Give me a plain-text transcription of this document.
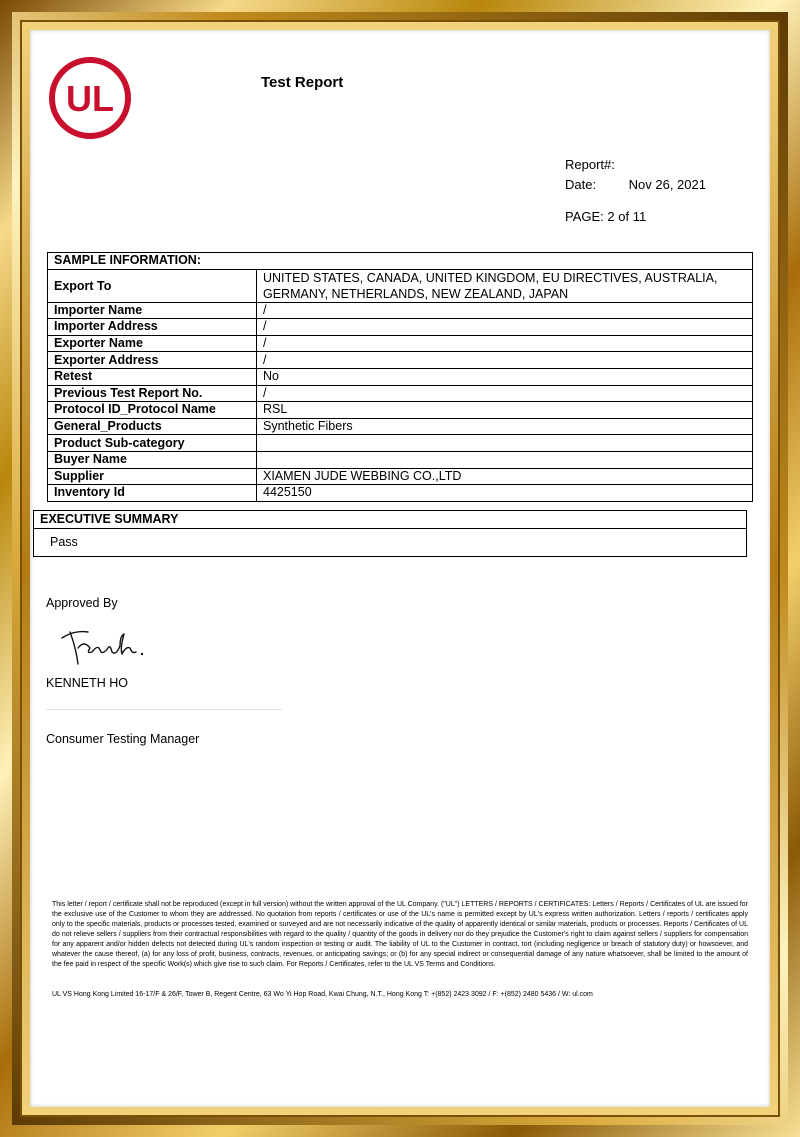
UL	Test Report
Report#:
Date:	Nov 26, 2021
PAGE: 2 of 11
SAMPLE INFORMATION:	
Export To	UNITED STATES, CANADA, UNITED KINGDOM, EU DIRECTIVES, AUSTRALIA, GERMANY, NETHERLANDS, NEW ZEALAND, JAPAN
Importer Name	/
Importer Address	/
Exporter Name	/
Exporter Address	/
Retest	No
Previous Test Report No.	/
Protocol ID_Protocol Name	RSL
General_Products	Synthetic Fibers
Product Sub-category	
Buyer Name	
Supplier	XIAMEN JUDE WEBBING CO.,LTD
Inventory Id	4425150
EXECUTIVE SUMMARY
Pass
Approved By
KENNETH HO
Consumer Testing Manager
This letter / report / certificate shall not be reproduced (except in full version) without the written approval of the UL Company. ("UL") LETTERS / REPORTS / CERTIFICATES: Letters / Reports / Certificates of UL are issued for the exclusive use of the Customer to whom they are addressed. No quotation from reports / certificates or use of the UL's name is permitted except by UL's express written authorization. Letters / reports / certificates apply only to the specific materials, products or processes tested, examined or surveyed and are not necessarily indicative of the quality of apparently identical or similar materials, products or processes. Reports / Certificates of UL do not relieve sellers / suppliers from their contractual responsibilities with regard to the quality / quantity of the goods in delivery nor do they prejudice the Customer's right to claim against sellers / suppliers for compensation for any apparent and/or hidden defects not detected during UL's random inspection or testing or audit. The liability of UL to the Customer in contract, tort (including negligence or breach of statutory duty) or howsoever, and whatever the cause thereof, (a) for any loss of profit, business, contracts, revenues, or anticipating savings; or (b) for any special indirect or consequential damage of any nature whatsoever, shall be limited to the amount of the fee paid in respect of the specific Work(s) which give rise to such claim. For Reports / Certificates, refer to the UL VS Terms and Conditions.
UL VS Hong Kong Limited 16-17/F & 26/F, Tower B, Regent Centre, 63 Wo Yi Hop Road, Kwai Chung, N.T., Hong Kong T: +(852) 2423 3092 / F: +(852) 2480 5436 / W: ul.com
